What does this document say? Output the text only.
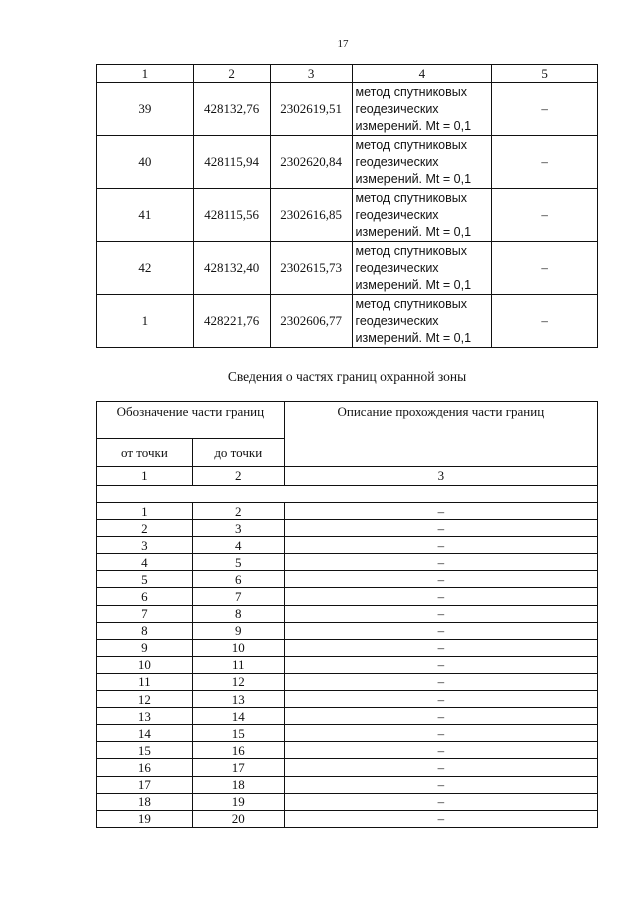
17
1	2	3	4	5
39	428132,76	2302619,51	метод спутниковых
геодезических
измерений. Mt = 0,1	–
40	428115,94	2302620,84	метод спутниковых
геодезических
измерений. Mt = 0,1	–
41	428115,56	2302616,85	метод спутниковых
геодезических
измерений. Mt = 0,1	–
42	428132,40	2302615,73	метод спутниковых
геодезических
измерений. Mt = 0,1	–
1	428221,76	2302606,77	метод спутниковых
геодезических
измерений. Mt = 0,1	–
Сведения о частях границ охранной зоны
Обозначение части границ		Описание прохождения части границ
от точки	до точки	
1	2	3

1	2	–
2	3	–
3	4	–
4	5	–
5	6	–
6	7	–
7	8	–
8	9	–
9	10	–
10	11	–
11	12	–
12	13	–
13	14	–
14	15	–
15	16	–
16	17	–
17	18	–
18	19	–
19	20	–
